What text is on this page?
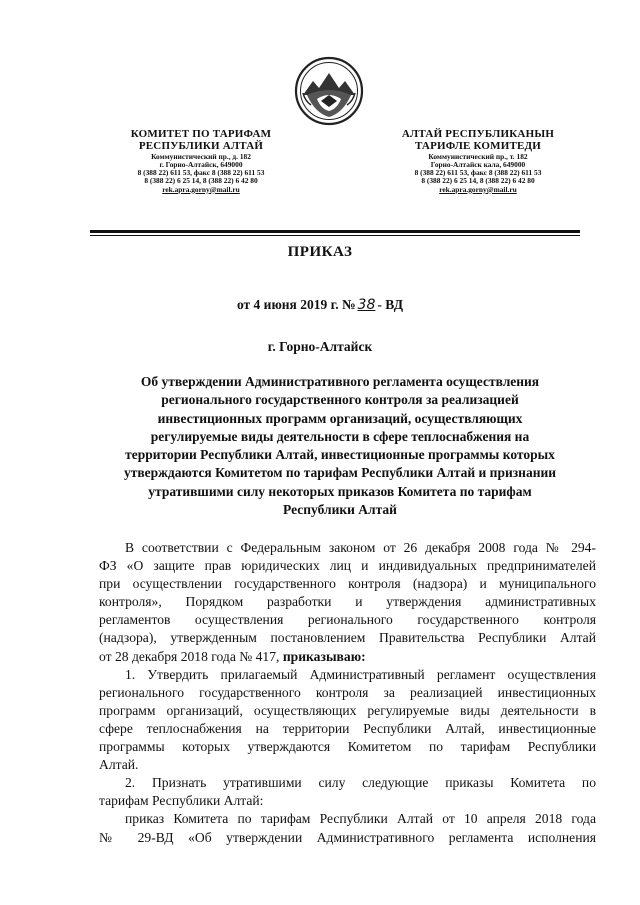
КОМИТЕТ ПО ТАРИФАМ
РЕСПУБЛИКИ АЛТАЙ
Коммунистический пр., д. 182
г. Горно-Алтайск, 649000
8 (388 22) 611 53, факс 8 (388 22) 611 53
8 (388 22) 6 25 14, 8 (388 22) 6 42 80
rek.apra.gorny@mail.ru
АЛТАЙ РЕСПУБЛИКАНЫН
ТАРИФЛЕ КОМИТЕДИ
Коммунистический пр., т. 182
Горно-Алтайск кала, 649000
8 (388 22) 611 53, факс 8 (388 22) 611 53
8 (388 22) 6 25 14, 8 (388 22) 6 42 80
rek.apra.gorny@mail.ru
ПРИКАЗ
от 4 июня 2019 г. № 38 - ВД
г. Горно-Алтайск
Об утверждении Административного регламента осуществления
регионального государственного контроля за реализацией
инвестиционных программ организаций, осуществляющих
регулируемые виды деятельности в сфере теплоснабжения на
территории Республики Алтай, инвестиционные программы которых
утверждаются Комитетом по тарифам Республики Алтай и признании
утратившими силу некоторых приказов Комитета по тарифам
Республики Алтай
В соответствии с Федеральным законом от 26 декабря 2008 года № 294-
ФЗ «О защите прав юридических лиц и индивидуальных предпринимателей
при осуществлении государственного контроля (надзора) и муниципального
контроля», Порядком разработки и утверждения административных
регламентов осуществления регионального государственного контроля
(надзора), утвержденным постановлением Правительства Республики Алтай
от 28 декабря 2018 года № 417, приказываю:
1. Утвердить прилагаемый Административный регламент осуществления
регионального государственного контроля за реализацией инвестиционных
программ организаций, осуществляющих регулируемые виды деятельности в
сфере теплоснабжения на территории Республики Алтай, инвестиционные
программы которых утверждаются Комитетом по тарифам Республики
Алтай.
2. Признать утратившими силу следующие приказы Комитета по
тарифам Республики Алтай:
приказ Комитета по тарифам Республики Алтай от 10 апреля 2018 года
№ 29-ВД «Об утверждении Административного регламента исполнения
